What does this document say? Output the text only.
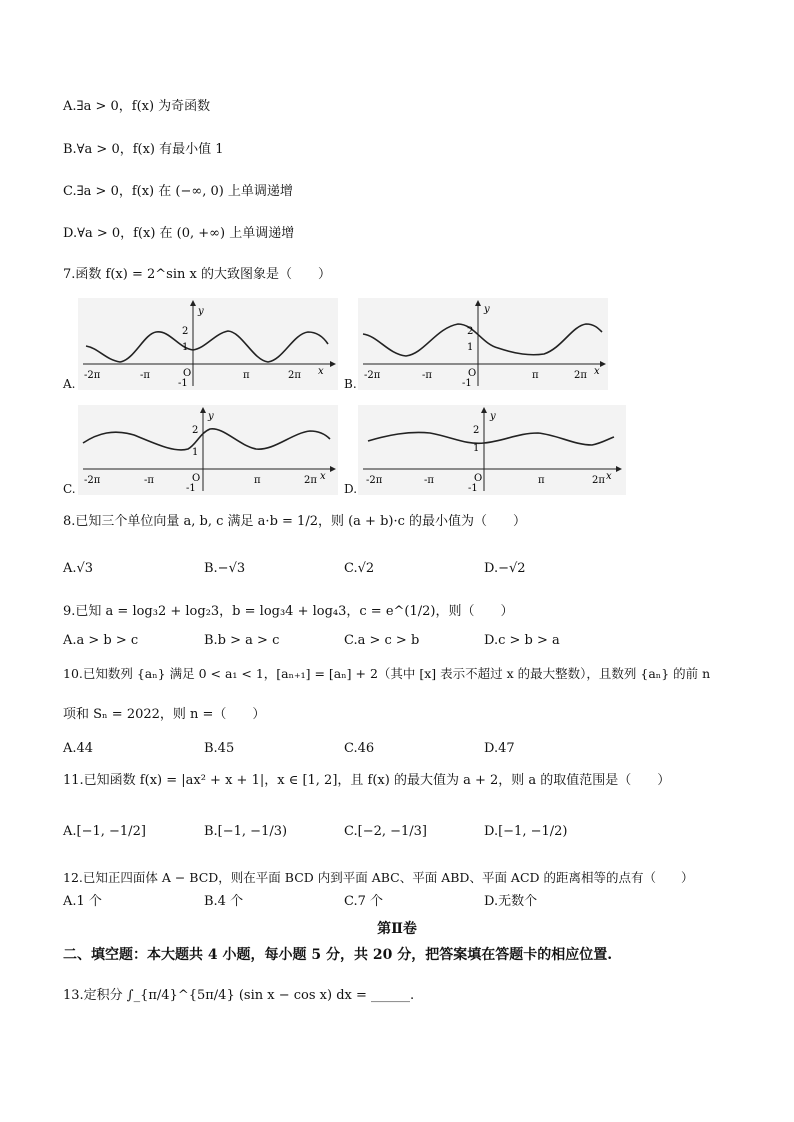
A.∃a > 0，f(x) 为奇函数
B.∀a > 0，f(x) 有最小值 1
C.∃a > 0，f(x) 在 (−∞, 0) 上单调递增
D.∀a > 0，f(x) 在 (0, +∞) 上单调递增
7.函数 f(x) = 2^sin x 的大致图象是（　　）
A.
-2π	-π	O	π	2π
2
1
-1
x
y
B.
-2π	-π	O	π	2π
2
1
-1
x
y
C.
-2π	-π	O	π	2π
2
1
-1
x
y
D.
-2π	-π	O	π	2π
2
1
-1
x
y
8.已知三个单位向量 a, b, c 满足 a·b = 1/2，则 (a + b)·c 的最小值为（　　）
A.√3	B.−√3	C.√2	D.−√2
9.已知 a = log₃2 + log₂3，b = log₃4 + log₄3，c = e^(1/2)，则（　　）
A.a > b > c	B.b > a > c	C.a > c > b	D.c > b > a
10.已知数列 {aₙ} 满足 0 < a₁ < 1，[aₙ₊₁] = [aₙ] + 2（其中 [x] 表示不超过 x 的最大整数），且数列 {aₙ} 的前 n
项和 Sₙ = 2022，则 n =（　　）
A.44	B.45	C.46	D.47
11.已知函数 f(x) = |ax² + x + 1|，x ∈ [1, 2]，且 f(x) 的最大值为 a + 2，则 a 的取值范围是（　　）
A.[−1, −1/2]	B.[−1, −1/3)	C.[−2, −1/3]	D.[−1, −1/2)
12.已知正四面体 A − BCD，则在平面 BCD 内到平面 ABC、平面 ABD、平面 ACD 的距离相等的点有（　　）
A.1 个	B.4 个	C.7 个	D.无数个
第Ⅱ卷
二、填空题：本大题共 4 小题，每小题 5 分，共 20 分，把答案填在答题卡的相应位置.
13.定积分 ∫_{π/4}^{5π/4} (sin x − cos x) dx = ______.
